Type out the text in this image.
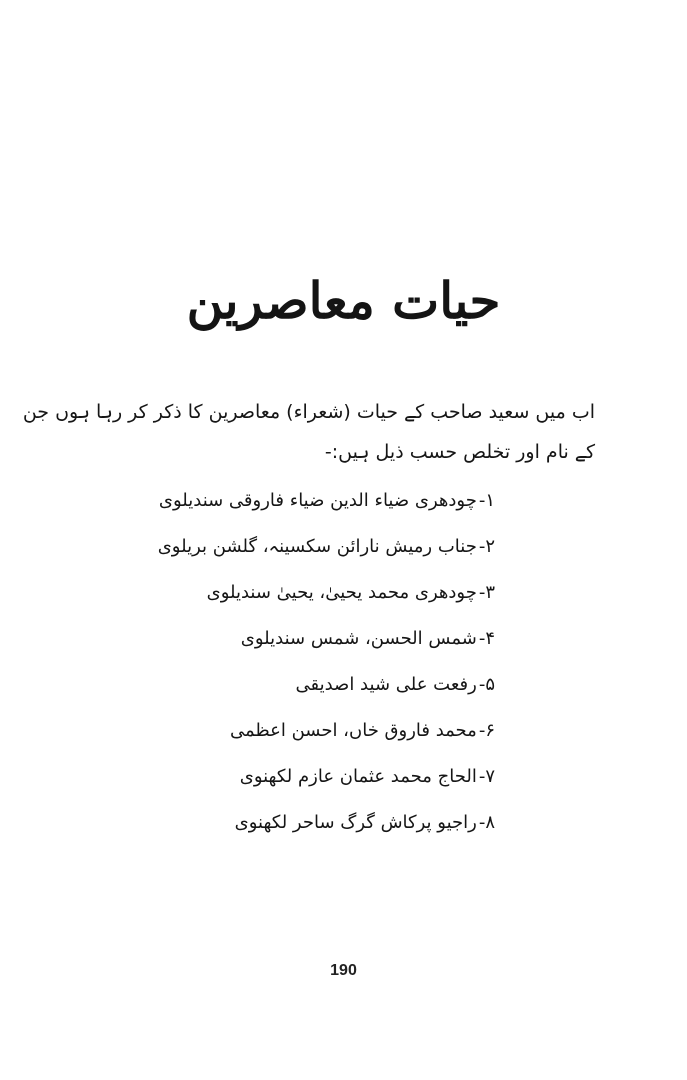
حیات معاصرین
اب میں سعید صاحب کے حیات (شعراء) معاصرین کا ذکر کر رہا ہوں جن
کے نام اور تخلص حسب ذیل ہیں:-
۱-چودھری ضیاء الدین ضیاء فاروقی سندیلوی
۲-جناب رمیش نارائن سکسینہ، گلشن بریلوی
۳-چودھری محمد یحییٰ، یحییٰ سندیلوی
۴-شمس الحسن، شمس سندیلوی
۵-رفعت علی شید اصدیقی
۶-محمد فاروق خاں، احسن اعظمی
۷-الحاج محمد عثمان عازم لکھنوی
۸-راجیو پرکاش گرگ ساحر لکھنوی
190
